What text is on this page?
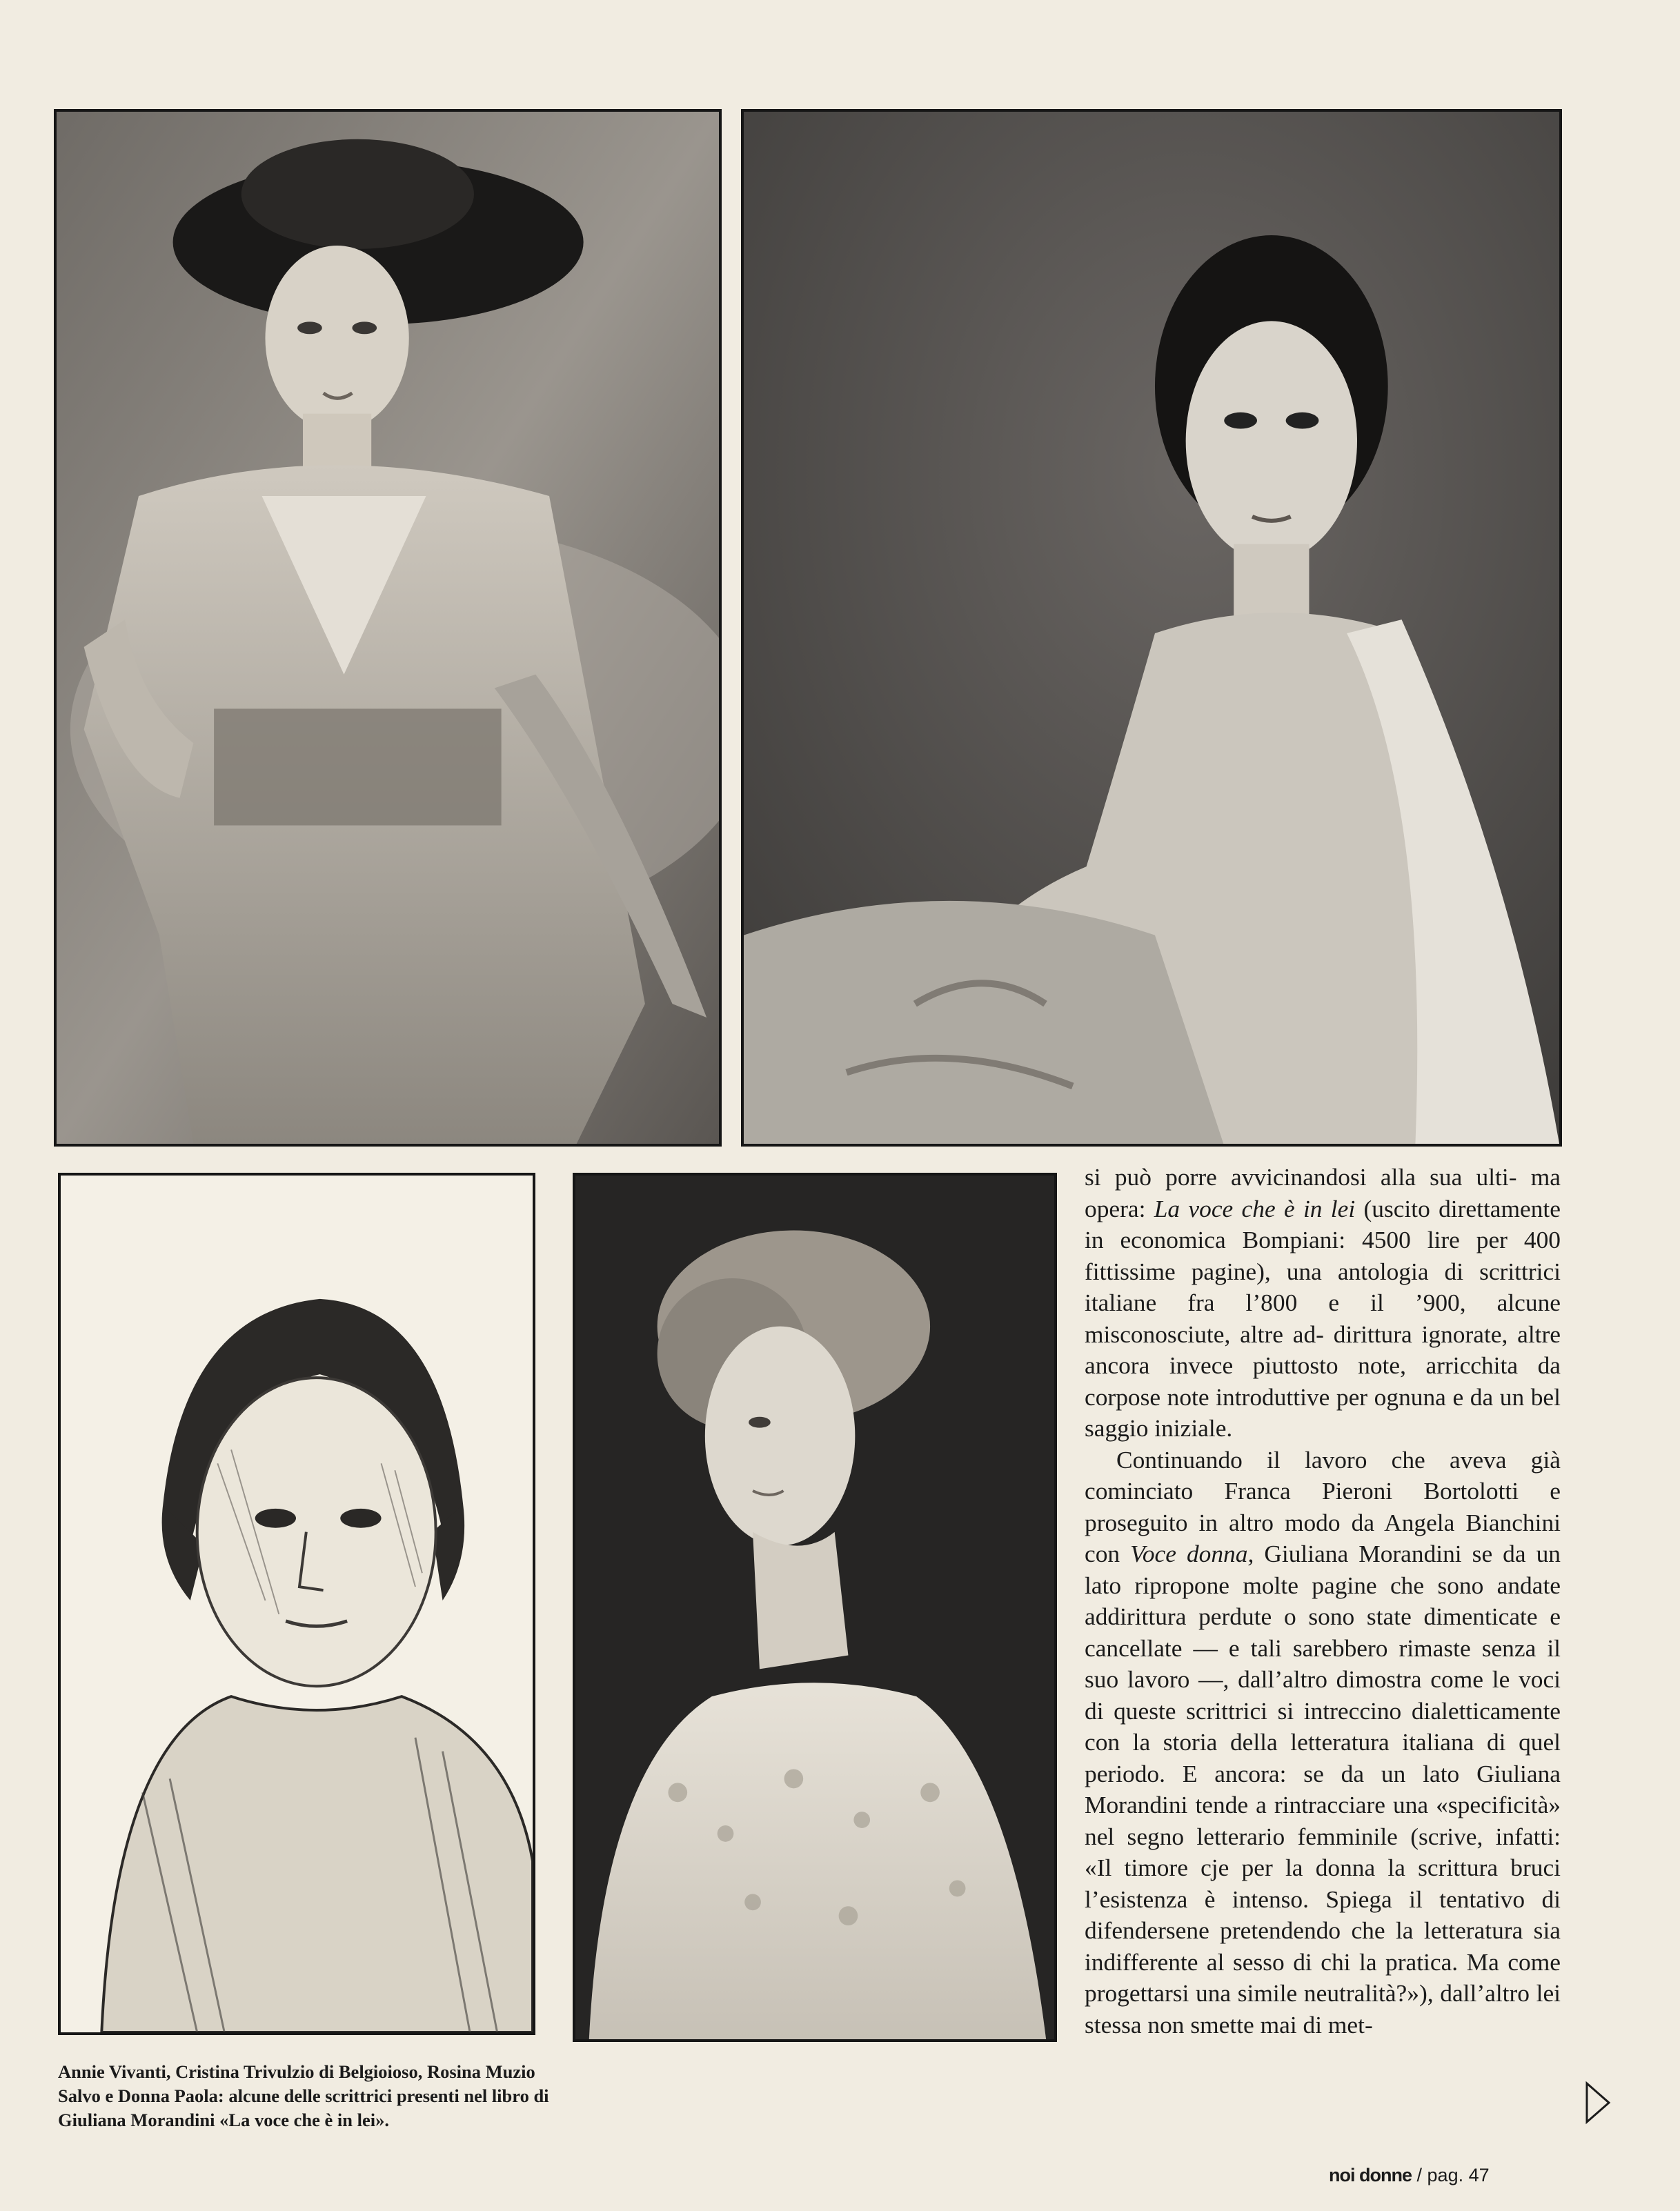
si può porre avvicinandosi alla sua ulti- ma opera: La voce che è in lei (uscito direttamente in economica Bompiani: 4500 lire per 400 fittissime pagine), una antologia di scrittrici italiane fra l’800 e il ’900, alcune misconosciute, altre ad- dirittura ignorate, altre ancora invece piuttosto note, arricchita da corpose note introduttive per ognuna e da un bel saggio iniziale.

Continuando il lavoro che aveva già cominciato Franca Pieroni Bortolotti e proseguito in altro modo da Angela Bianchini con Voce donna, Giuliana Morandini se da un lato ripropone molte pagine che sono andate addirittura perdute o sono state dimenticate e cancellate — e tali sarebbero rimaste senza il suo lavoro —, dall’altro dimostra come le voci di queste scrittrici si intreccino dialetticamente con la storia della letteratura italiana di quel periodo. E ancora: se da un lato Giuliana Morandini tende a rintracciare una «specificità» nel segno letterario femminile (scrive, infatti: «Il timore cje per la donna la scrittura bruci l’esistenza è intenso. Spiega il tentativo di difendersene pretendendo che la letteratura sia indifferente al sesso di chi la pratica. Ma come progettarsi una simile neutralità?»), dall’altro lei stessa non smette mai di met-

Annie Vivanti, Cristina Trivulzio di Belgioioso, Rosina Muzio
Salvo e Donna Paola: alcune delle scrittrici presenti nel libro di
Giuliana Morandini «La voce che è in lei».
noi donne / pag. 47
